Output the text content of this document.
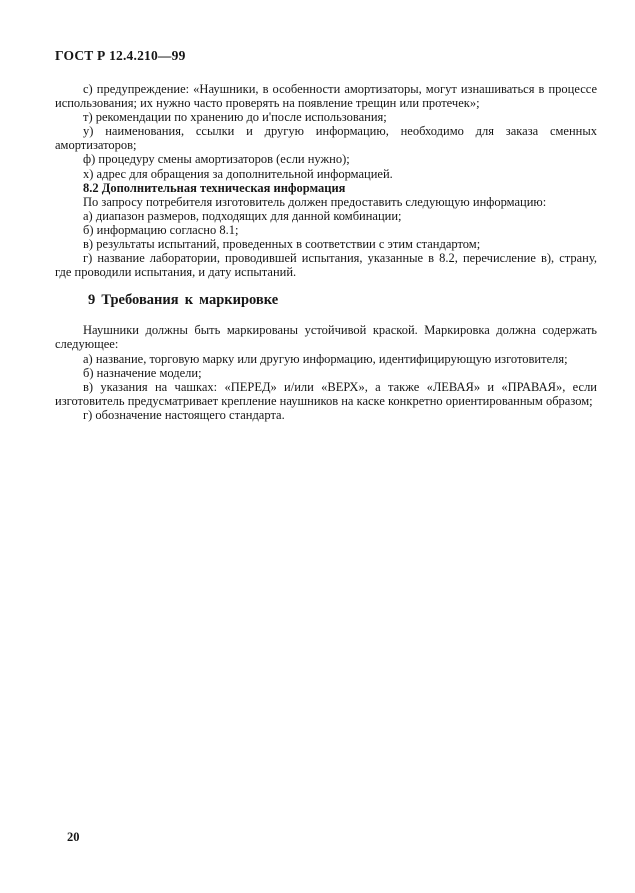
ГОСТ Р 12.4.210—99

с) предупреждение: «Наушники, в особенности амортизаторы, могут изнашиваться в процессе использования; их нужно часто проверять на появление трещин или протечек»;

т) рекомендации по хранению до и'после использования;

у) наименования, ссылки и другую информацию, необходимо для заказа сменных амортизаторов;

ф) процедуру смены амортизаторов (если нужно);

х) адрес для обращения за дополнительной информацией.

8.2 Дополнительная техническая информация

По запросу потребителя изготовитель должен предоставить следующую информацию:

а) диапазон размеров, подходящих для данной комбинации;

б) информацию согласно 8.1;

в) результаты испытаний, проведенных в соответствии с этим стандартом;

г) название лаборатории, проводившей испытания, указанные в 8.2, перечисление в), страну, где проводили испытания, и дату испытаний.

9 Требования к маркировке

Наушники должны быть маркированы устойчивой краской. Маркировка должна содержать следующее:

а) название, торговую марку или другую информацию, идентифицирующую изготовителя;

б) назначение модели;

в) указания на чашках: «ПЕРЕД» и/или «ВЕРХ», а также «ЛЕВАЯ» и «ПРАВАЯ», если изготовитель предусматривает крепление наушников на каске конкретно ориентированным образом;

г) обозначение настоящего стандарта.

20
